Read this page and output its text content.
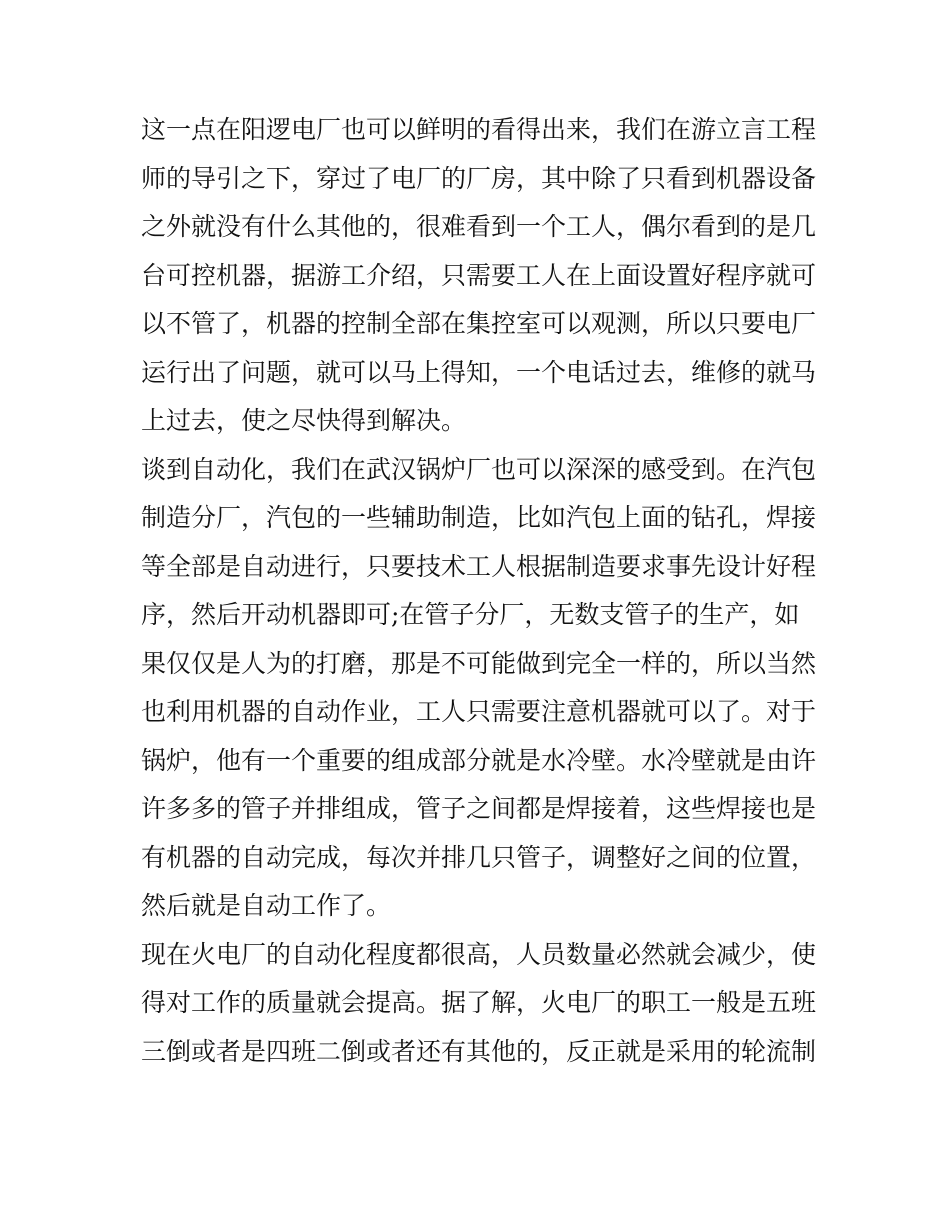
这一点在阳逻电厂也可以鲜明的看得出来，我们在游立言工程
师的导引之下，穿过了电厂的厂房，其中除了只看到机器设备
之外就没有什么其他的，很难看到一个工人，偶尔看到的是几
台可控机器，据游工介绍，只需要工人在上面设置好程序就可
以不管了，机器的控制全部在集控室可以观测，所以只要电厂
运行出了问题，就可以马上得知，一个电话过去，维修的就马
上过去，使之尽快得到解决。
谈到自动化，我们在武汉锅炉厂也可以深深的感受到。在汽包
制造分厂，汽包的一些辅助制造，比如汽包上面的钻孔，焊接
等全部是自动进行，只要技术工人根据制造要求事先设计好程
序，然后开动机器即可;在管子分厂，无数支管子的生产，如
果仅仅是人为的打磨，那是不可能做到完全一样的，所以当然
也利用机器的自动作业，工人只需要注意机器就可以了。对于
锅炉，他有一个重要的组成部分就是水冷壁。水冷壁就是由许
许多多的管子并排组成，管子之间都是焊接着，这些焊接也是
有机器的自动完成，每次并排几只管子，调整好之间的位置，
然后就是自动工作了。
现在火电厂的自动化程度都很高，人员数量必然就会减少，使
得对工作的质量就会提高。据了解，火电厂的职工一般是五班
三倒或者是四班二倒或者还有其他的，反正就是采用的轮流制
